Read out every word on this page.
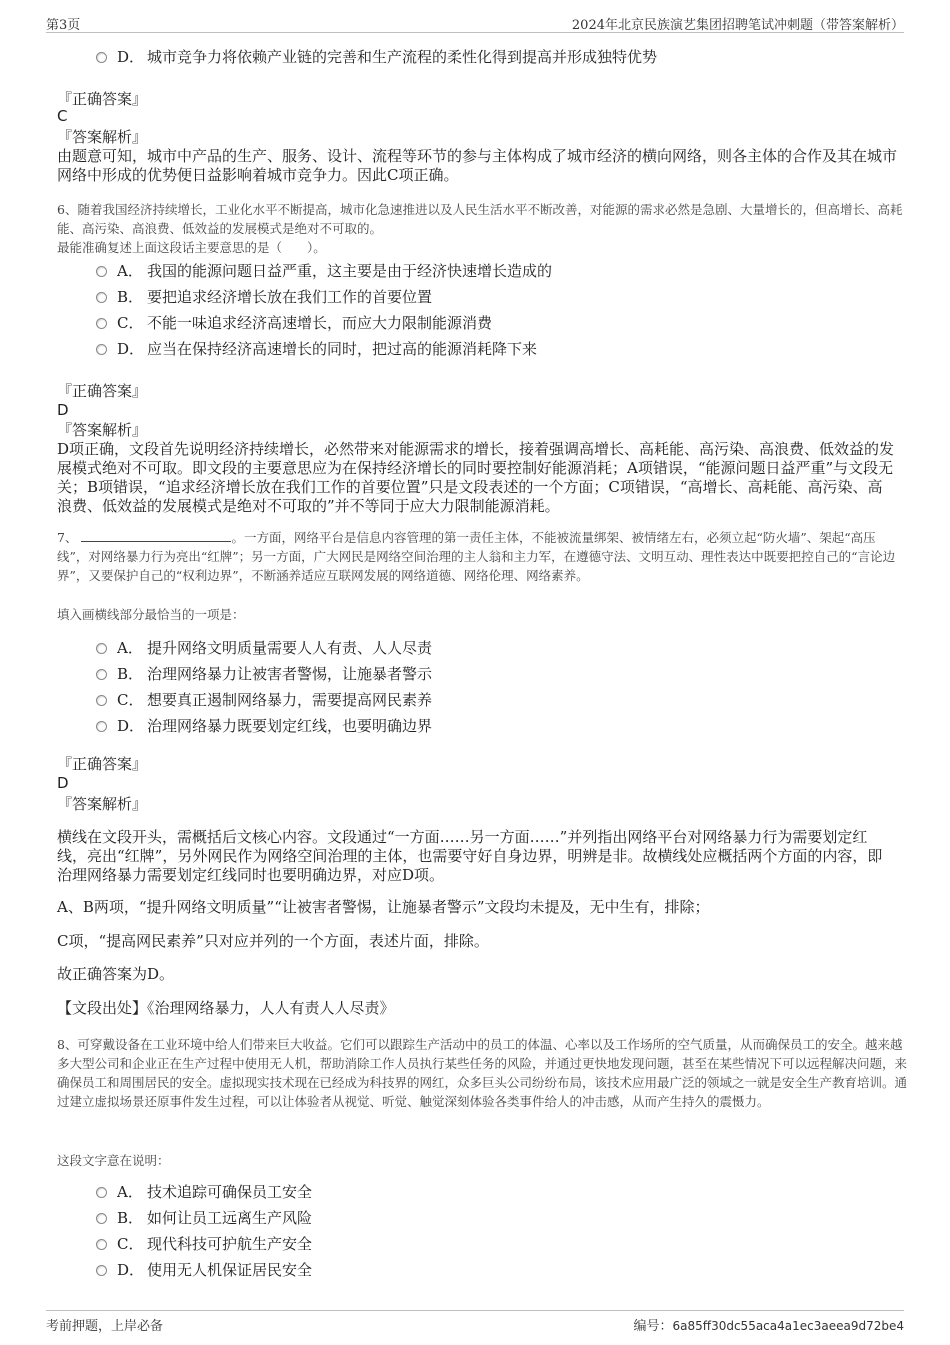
第3页	2024年北京民族演艺集团招聘笔试冲刺题（带答案解析）
D． 城市竞争力将依赖产业链的完善和生产流程的柔性化得到提高并形成独特优势
『正确答案』
C
『答案解析』
由题意可知，城市中产品的生产、服务、设计、流程等环节的参与主体构成了城市经济的横向网络，则各主体的合作及其在城市网络中形成的优势便日益影响着城市竞争力。因此C项正确。
6、随着我国经济持续增长，工业化水平不断提高，城市化急速推进以及人民生活水平不断改善，对能源的需求必然是急剧、大量增长的，但高增长、高耗能、高污染、高浪费、低效益的发展模式是绝对不可取的。
最能准确复述上面这段话主要意思的是（　　）。
A． 我国的能源问题日益严重，这主要是由于经济快速增长造成的
B． 要把追求经济增长放在我们工作的首要位置
C． 不能一味追求经济高速增长，而应大力限制能源消费
D． 应当在保持经济高速增长的同时，把过高的能源消耗降下来
『正确答案』
D
『答案解析』
D项正确，文段首先说明经济持续增长，必然带来对能源需求的增长，接着强调高增长、高耗能、高污染、高浪费、低效益的发展模式绝对不可取。即文段的主要意思应为在保持经济增长的同时要控制好能源消耗；A项错误，“能源问题日益严重”与文段无关；B项错误，“追求经济增长放在我们工作的首要位置”只是文段表述的一个方面；C项错误，“高增长、高耗能、高污染、高浪费、低效益的发展模式是绝对不可取的”并不等同于应大力限制能源消耗。
7、	。一方面，网络平台是信息内容管理的第一责任主体，不能被流量绑架、被情绪左右，必须立起“防火墙”、架起“高压线”，对网络暴力行为亮出“红牌”；另一方面，广大网民是网络空间治理的主人翁和主力军，在遵德守法、文明互动、理性表达中既要把控自己的“言论边界”，又要保护自己的“权利边界”，不断涵养适应互联网发展的网络道德、网络伦理、网络素养。
填入画横线部分最恰当的一项是：
A． 提升网络文明质量需要人人有责、人人尽责
B． 治理网络暴力让被害者警惕，让施暴者警示
C． 想要真正遏制网络暴力，需要提高网民素养
D． 治理网络暴力既要划定红线，也要明确边界
『正确答案』
D
『答案解析』
横线在文段开头，需概括后文核心内容。文段通过“一方面……另一方面……”并列指出网络平台对网络暴力行为需要划定红线，亮出“红牌”，另外网民作为网络空间治理的主体，也需要守好自身边界，明辨是非。故横线处应概括两个方面的内容，即治理网络暴力需要划定红线同时也要明确边界，对应D项。
A、B两项，“提升网络文明质量”“让被害者警惕，让施暴者警示”文段均未提及，无中生有，排除；
C项，“提高网民素养”只对应并列的一个方面，表述片面，排除。
故正确答案为D。
【文段出处】《治理网络暴力，人人有责人人尽责》
8、可穿戴设备在工业环境中给人们带来巨大收益。它们可以跟踪生产活动中的员工的体温、心率以及工作场所的空气质量，从而确保员工的安全。越来越多大型公司和企业正在生产过程中使用无人机，帮助消除工作人员执行某些任务的风险，并通过更快地发现问题，甚至在某些情况下可以远程解决问题，来确保员工和周围居民的安全。虚拟现实技术现在已经成为科技界的网红，众多巨头公司纷纷布局，该技术应用最广泛的领域之一就是安全生产教育培训。通过建立虚拟场景还原事件发生过程，可以让体验者从视觉、听觉、触觉深刻体验各类事件给人的冲击感，从而产生持久的震慑力。
这段文字意在说明：
A． 技术追踪可确保员工安全
B． 如何让员工远离生产风险
C． 现代科技可护航生产安全
D． 使用无人机保证居民安全
考前押题，上岸必备	编号：6a85ff30dc55aca4a1ec3aeea9d72be4
